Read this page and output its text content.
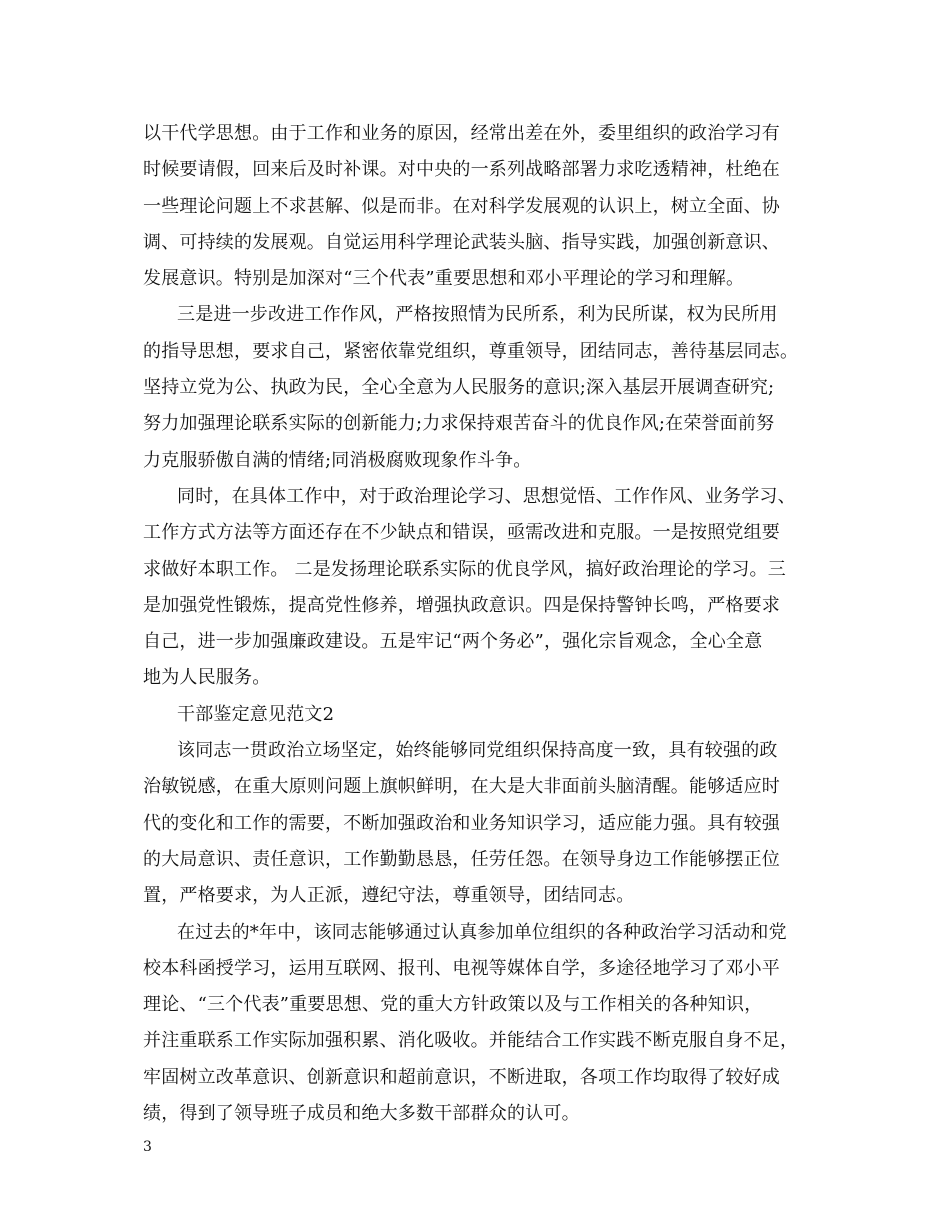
以干代学思想。由于工作和业务的原因，经常出差在外，委里组织的政治学习有
时候要请假，回来后及时补课。对中央的一系列战略部署力求吃透精神，杜绝在
一些理论问题上不求甚解、似是而非。在对科学发展观的认识上，树立全面、协
调、可持续的发展观。自觉运用科学理论武装头脑、指导实践，加强创新意识、
发展意识。特别是加深对“三个代表”重要思想和邓小平理论的学习和理解。
三是进一步改进工作作风，严格按照情为民所系，利为民所谋，权为民所用
的指导思想，要求自己，紧密依靠党组织，尊重领导，团结同志，善待基层同志。
坚持立党为公、执政为民，全心全意为人民服务的意识;深入基层开展调查研究;
努力加强理论联系实际的创新能力;力求保持艰苦奋斗的优良作风;在荣誉面前努
力克服骄傲自满的情绪;同消极腐败现象作斗争。
同时，在具体工作中，对于政治理论学习、思想觉悟、工作作风、业务学习、
工作方式方法等方面还存在不少缺点和错误，亟需改进和克服。一是按照党组要
求做好本职工作。 二是发扬理论联系实际的优良学风，搞好政治理论的学习。三
是加强党性锻炼，提高党性修养，增强执政意识。四是保持警钟长鸣，严格要求
自己，进一步加强廉政建设。五是牢记“两个务必”，强化宗旨观念，全心全意
地为人民服务。
干部鉴定意见范文2
该同志一贯政治立场坚定，始终能够同党组织保持高度一致，具有较强的政
治敏锐感，在重大原则问题上旗帜鲜明，在大是大非面前头脑清醒。能够适应时
代的变化和工作的需要，不断加强政治和业务知识学习，适应能力强。具有较强
的大局意识、责任意识，工作勤勤恳恳，任劳任怨。在领导身边工作能够摆正位
置，严格要求，为人正派，遵纪守法，尊重领导，团结同志。
在过去的*年中，该同志能够通过认真参加单位组织的各种政治学习活动和党
校本科函授学习，运用互联网、报刊、电视等媒体自学，多途径地学习了邓小平
理论、“三个代表”重要思想、党的重大方针政策以及与工作相关的各种知识，
并注重联系工作实际加强积累、消化吸收。并能结合工作实践不断克服自身不足，
牢固树立改革意识、创新意识和超前意识，不断进取，各项工作均取得了较好成
绩，得到了领导班子成员和绝大多数干部群众的认可。
3
